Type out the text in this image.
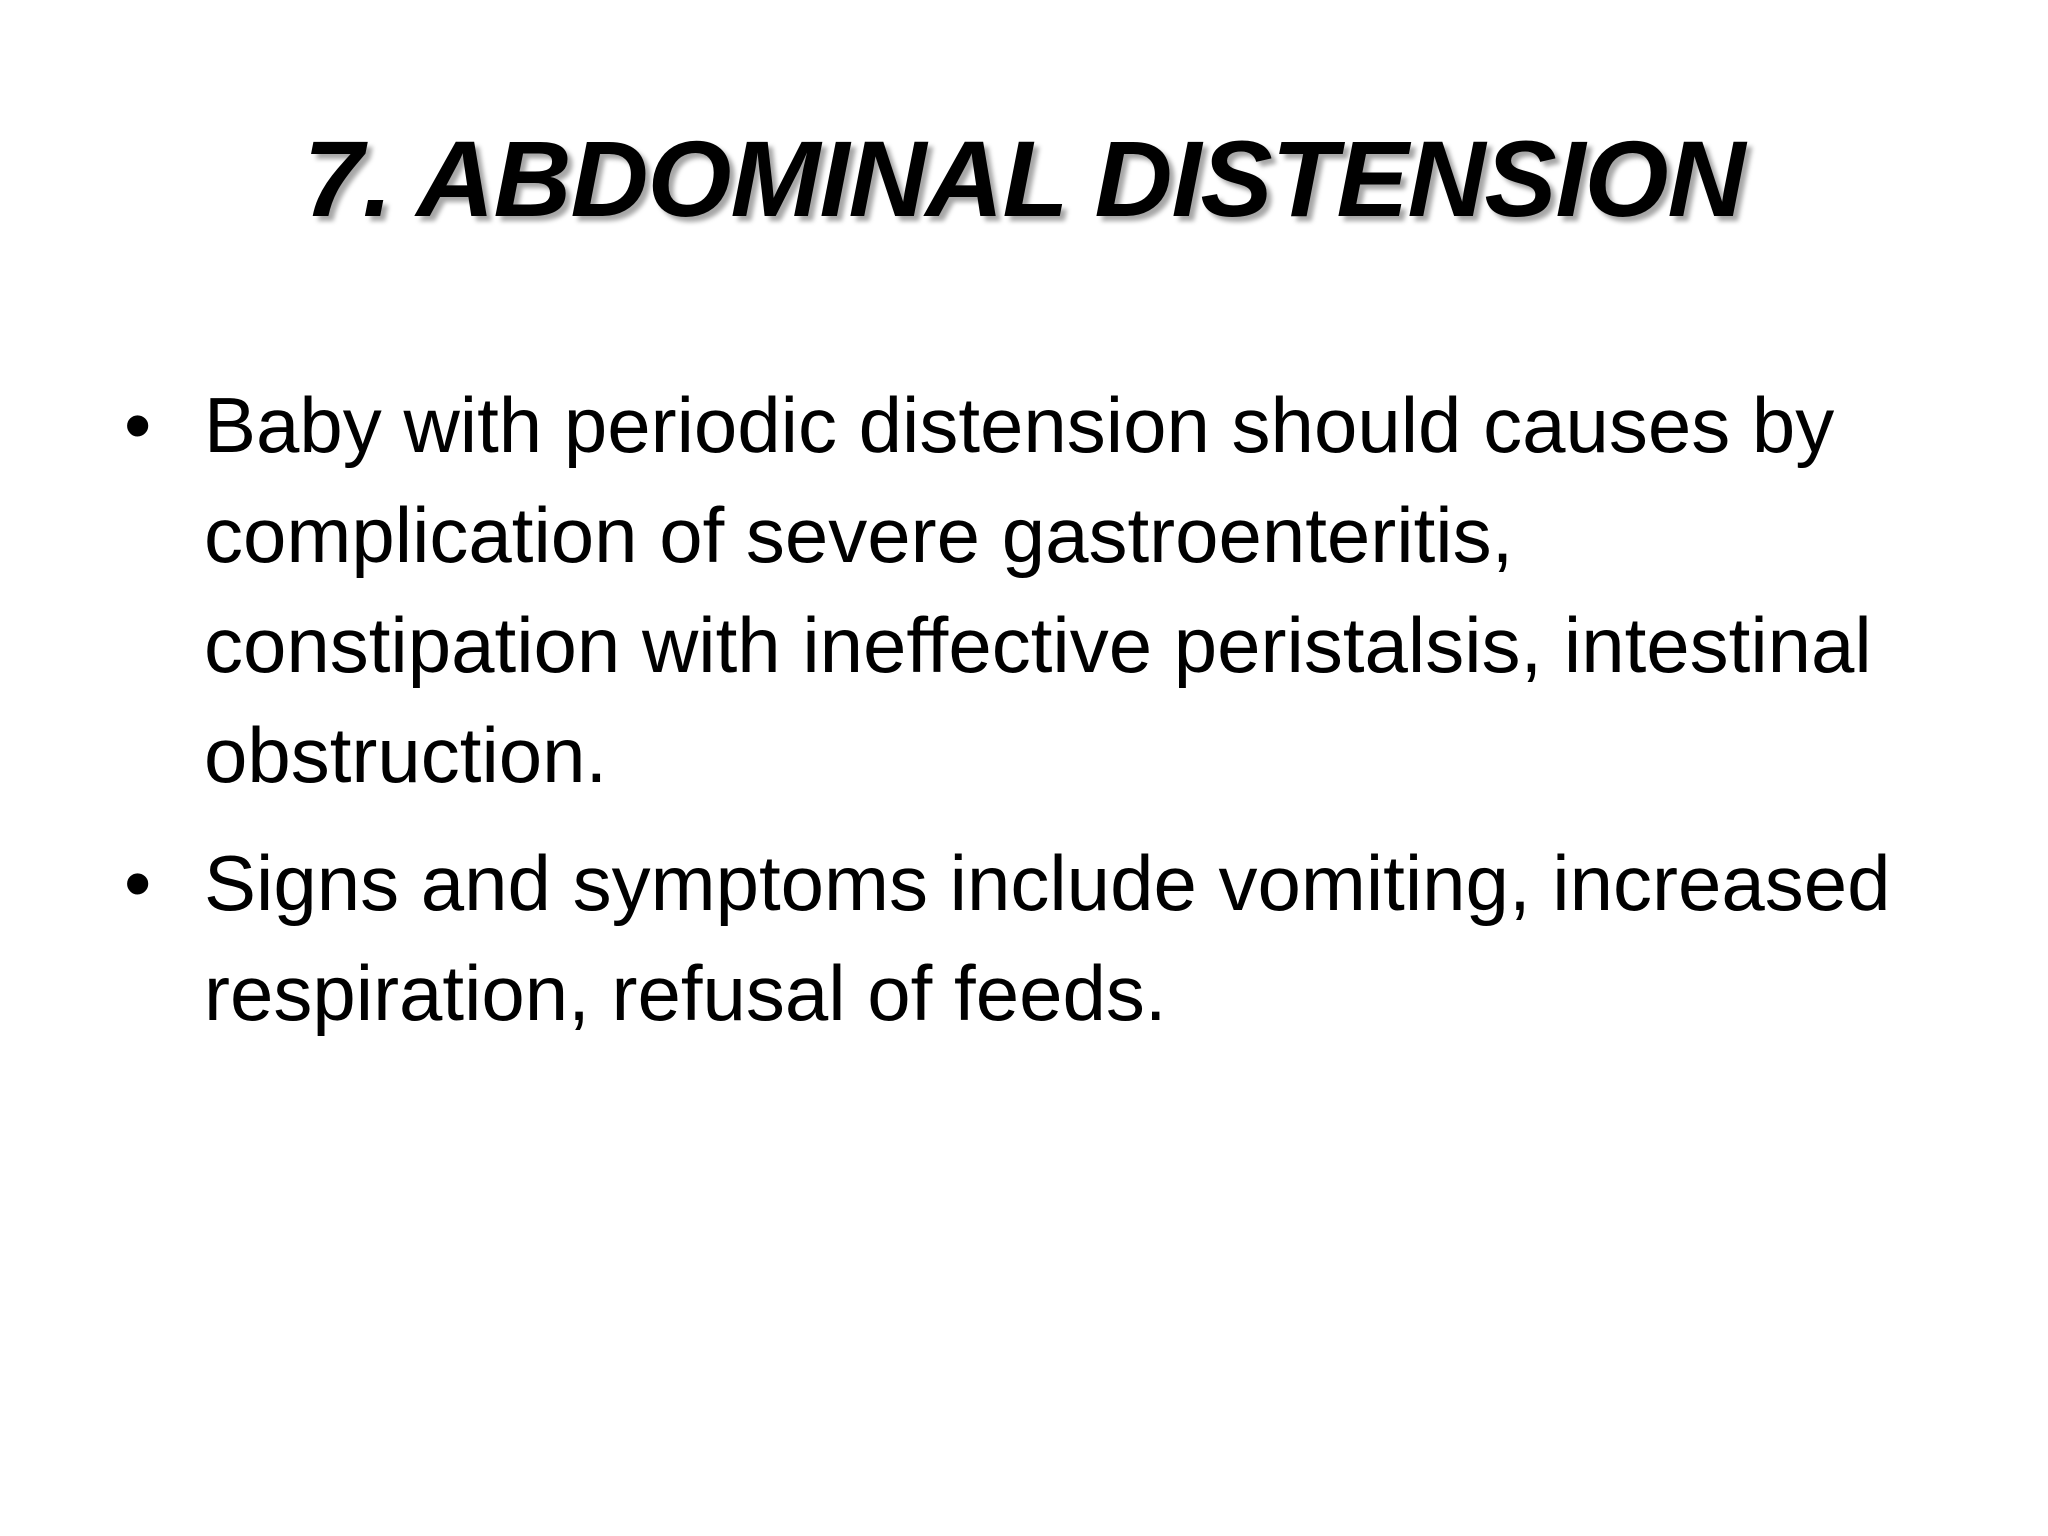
7. ABDOMINAL DISTENSION
• Baby with periodic distension should causes by complication of severe gastroenteritis, constipation with ineffective peristalsis, intestinal obstruction.
• Signs and symptoms include vomiting, increased respiration, refusal of feeds.
